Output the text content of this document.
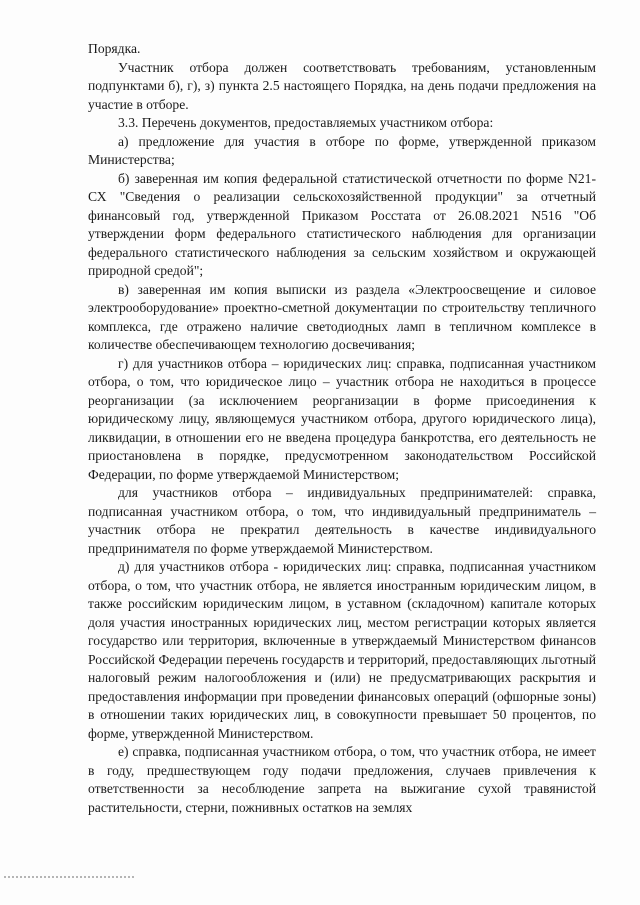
Порядка.

Участник отбора должен соответствовать требованиям, установленным подпунктами б), г), з) пункта 2.5 настоящего Порядка, на день подачи предложения на участие в отборе.

3.3. Перечень документов, предоставляемых участником отбора:

а) предложение для участия в отборе по форме, утвержденной приказом Министерства;

б) заверенная им копия федеральной статистической отчетности по форме N21-СХ "Сведения о реализации сельскохозяйственной продукции" за отчетный финансовый год, утвержденной Приказом Росстата от 26.08.2021 N516 "Об утверждении форм федерального статистического наблюдения для организации федерального статистического наблюдения за сельским хозяйством и окружающей природной средой";

в) заверенная им копия выписки из раздела «Электроосвещение и силовое электрооборудование» проектно-сметной документации по строительству тепличного комплекса, где отражено наличие светодиодных ламп в тепличном комплексе в количестве обеспечивающем технологию досвечивания;

г) для участников отбора – юридических лиц: справка, подписанная участником отбора, о том, что юридическое лицо – участник отбора не находиться в процессе реорганизации (за исключением реорганизации в форме присоединения к юридическому лицу, являющемуся участником отбора, другого юридического лица), ликвидации, в отношении его не введена процедура банкротства, его деятельность не приостановлена в порядке, предусмотренном законодательством Российской Федерации, по форме утверждаемой Министерством;

для участников отбора – индивидуальных предпринимателей: справка, подписанная участником отбора, о том, что индивидуальный предприниматель – участник отбора не прекратил деятельность в качестве индивидуального предпринимателя по форме утверждаемой Министерством.

д) для участников отбора - юридических лиц: справка, подписанная участником отбора, о том, что участник отбора, не является иностранным юридическим лицом, в также российским юридическим лицом, в уставном (складочном) капитале которых доля участия иностранных юридических лиц, местом регистрации которых является государство или территория, включенные в утверждаемый Министерством финансов Российской Федерации перечень государств и территорий, предоставляющих льготный налоговый режим налогообложения и (или) не предусматривающих раскрытия и предоставления информации при проведении финансовых операций (офшорные зоны) в отношении таких юридических лиц, в совокупности превышает 50 процентов, по форме, утвержденной Министерством.

е) справка, подписанная участником отбора, о том, что участник отбора, не имеет в году, предшествующем году подачи предложения, случаев привлечения к ответственности за несоблюдение запрета на выжигание сухой травянистой растительности, стерни, пожнивных остатков на землях
